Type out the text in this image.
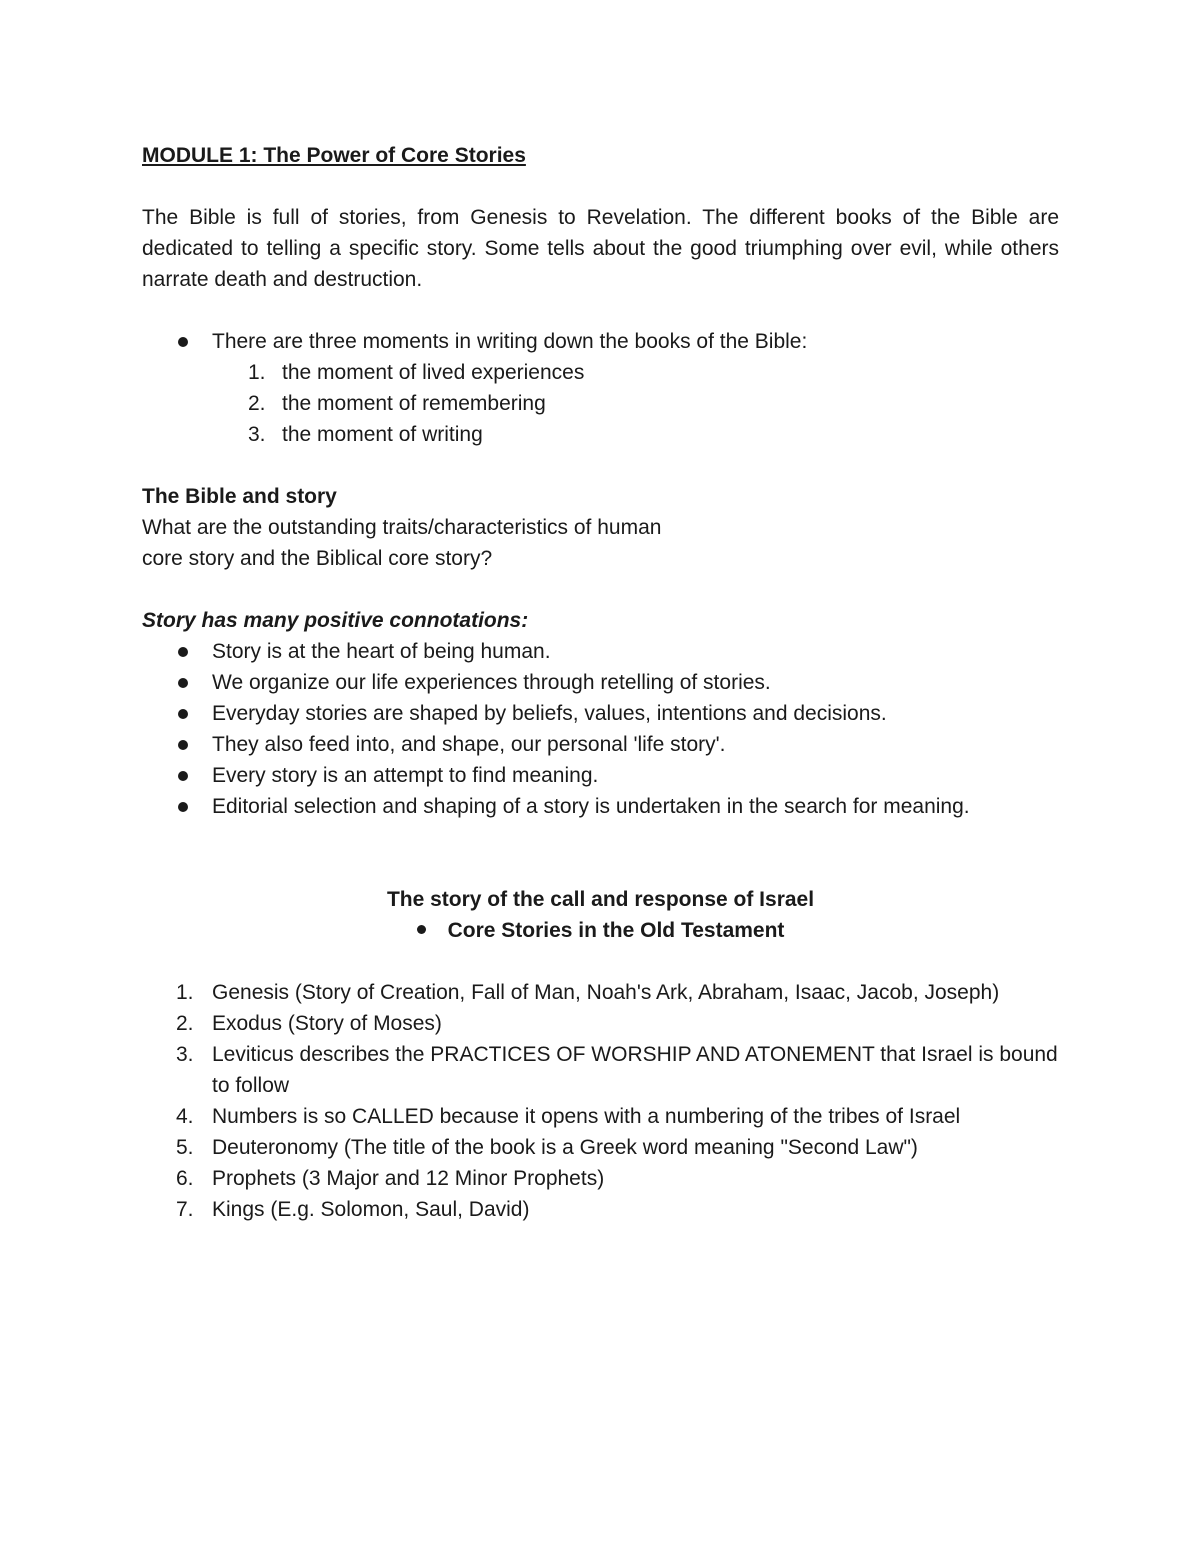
MODULE 1: The Power of Core Stories

The Bible is full of stories, from Genesis to Revelation. The different books of the Bible are dedicated to telling a specific story. Some tells about the good triumphing over evil, while others narrate death and destruction.

There are three moments in writing down the books of the Bible:
1. the moment of lived experiences
2. the moment of remembering
3. the moment of writing

The Bible and story

What are the outstanding traits/characteristics of human

core story and the Biblical core story?

Story has many positive connotations:

Story is at the heart of being human.
We organize our life experiences through retelling of stories.
Everyday stories are shaped by beliefs, values, intentions and decisions.
They also feed into, and shape, our personal 'life story'.
Every story is an attempt to find meaning.
Editorial selection and shaping of a story is undertaken in the search for meaning.

The story of the call and response of Israel

Core Stories in the Old Testament

1. Genesis (Story of Creation, Fall of Man, Noah's Ark, Abraham, Isaac, Jacob, Joseph)
2. Exodus (Story of Moses)
3. Leviticus describes the PRACTICES OF WORSHIP AND ATONEMENT that Israel is bound to follow
4. Numbers is so CALLED because it opens with a numbering of the tribes of Israel
5. Deuteronomy (The title of the book is a Greek word meaning "Second Law")
6. Prophets (3 Major and 12 Minor Prophets)
7. Kings (E.g. Solomon, Saul, David)
